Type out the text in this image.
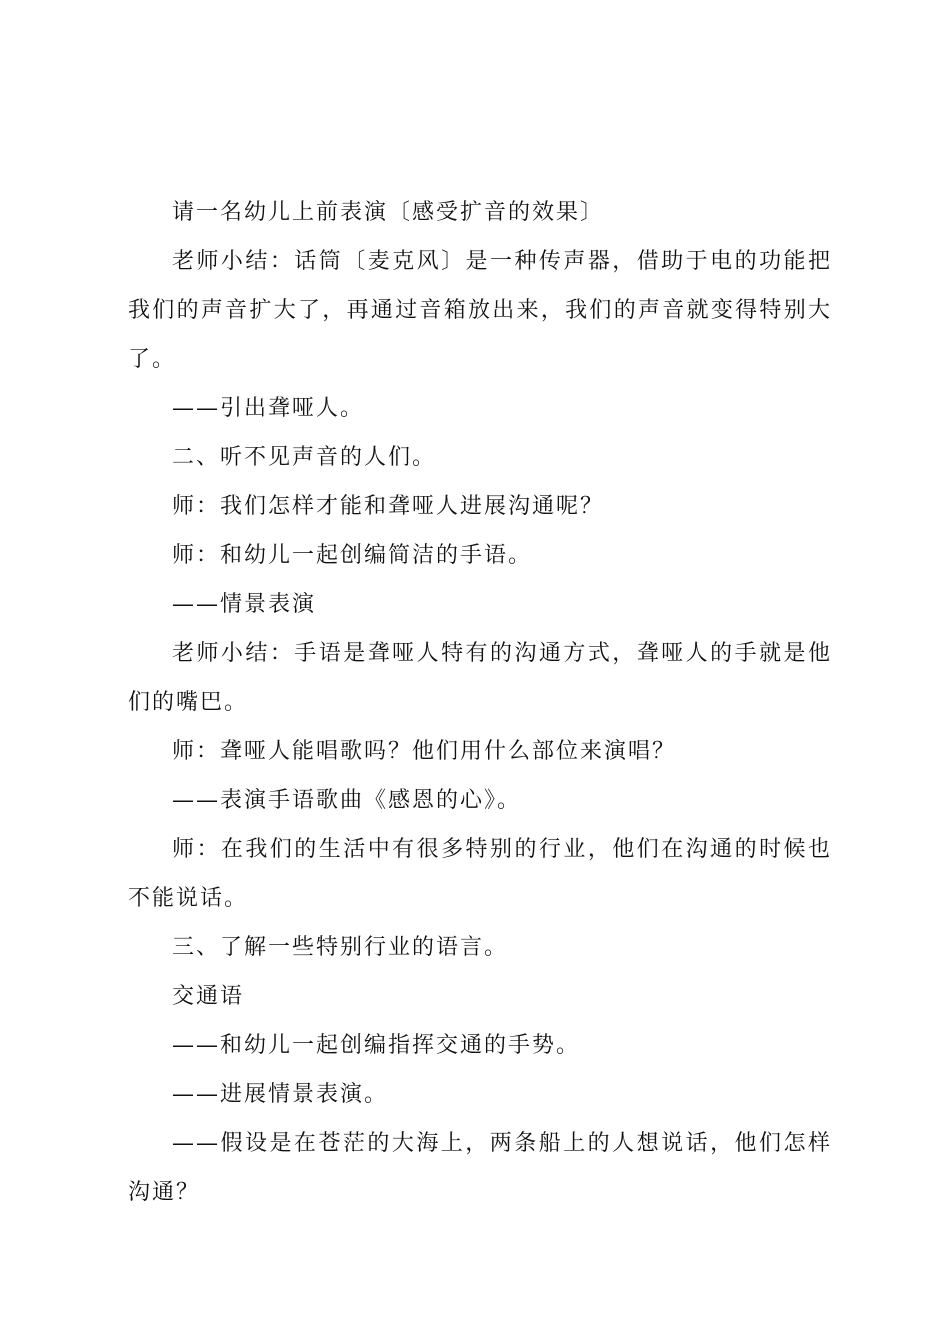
请一名幼儿上前表演〔感受扩音的效果〕

老师小结：话筒〔麦克风〕是一种传声器，借助于电的功能把我们的声音扩大了，再通过音箱放出来，我们的声音就变得特别大了。

——引出聋哑人。

二、听不见声音的人们。

师：我们怎样才能和聋哑人进展沟通呢？

师：和幼儿一起创编简洁的手语。

——情景表演

老师小结：手语是聋哑人特有的沟通方式，聋哑人的手就是他们的嘴巴。

师：聋哑人能唱歌吗？他们用什么部位来演唱？

——表演手语歌曲《感恩的心》。

师：在我们的生活中有很多特别的行业，他们在沟通的时候也不能说话。

三、了解一些特别行业的语言。

交通语

——和幼儿一起创编指挥交通的手势。

——进展情景表演。

——假设是在苍茫的大海上，两条船上的人想说话，他们怎样沟通？
